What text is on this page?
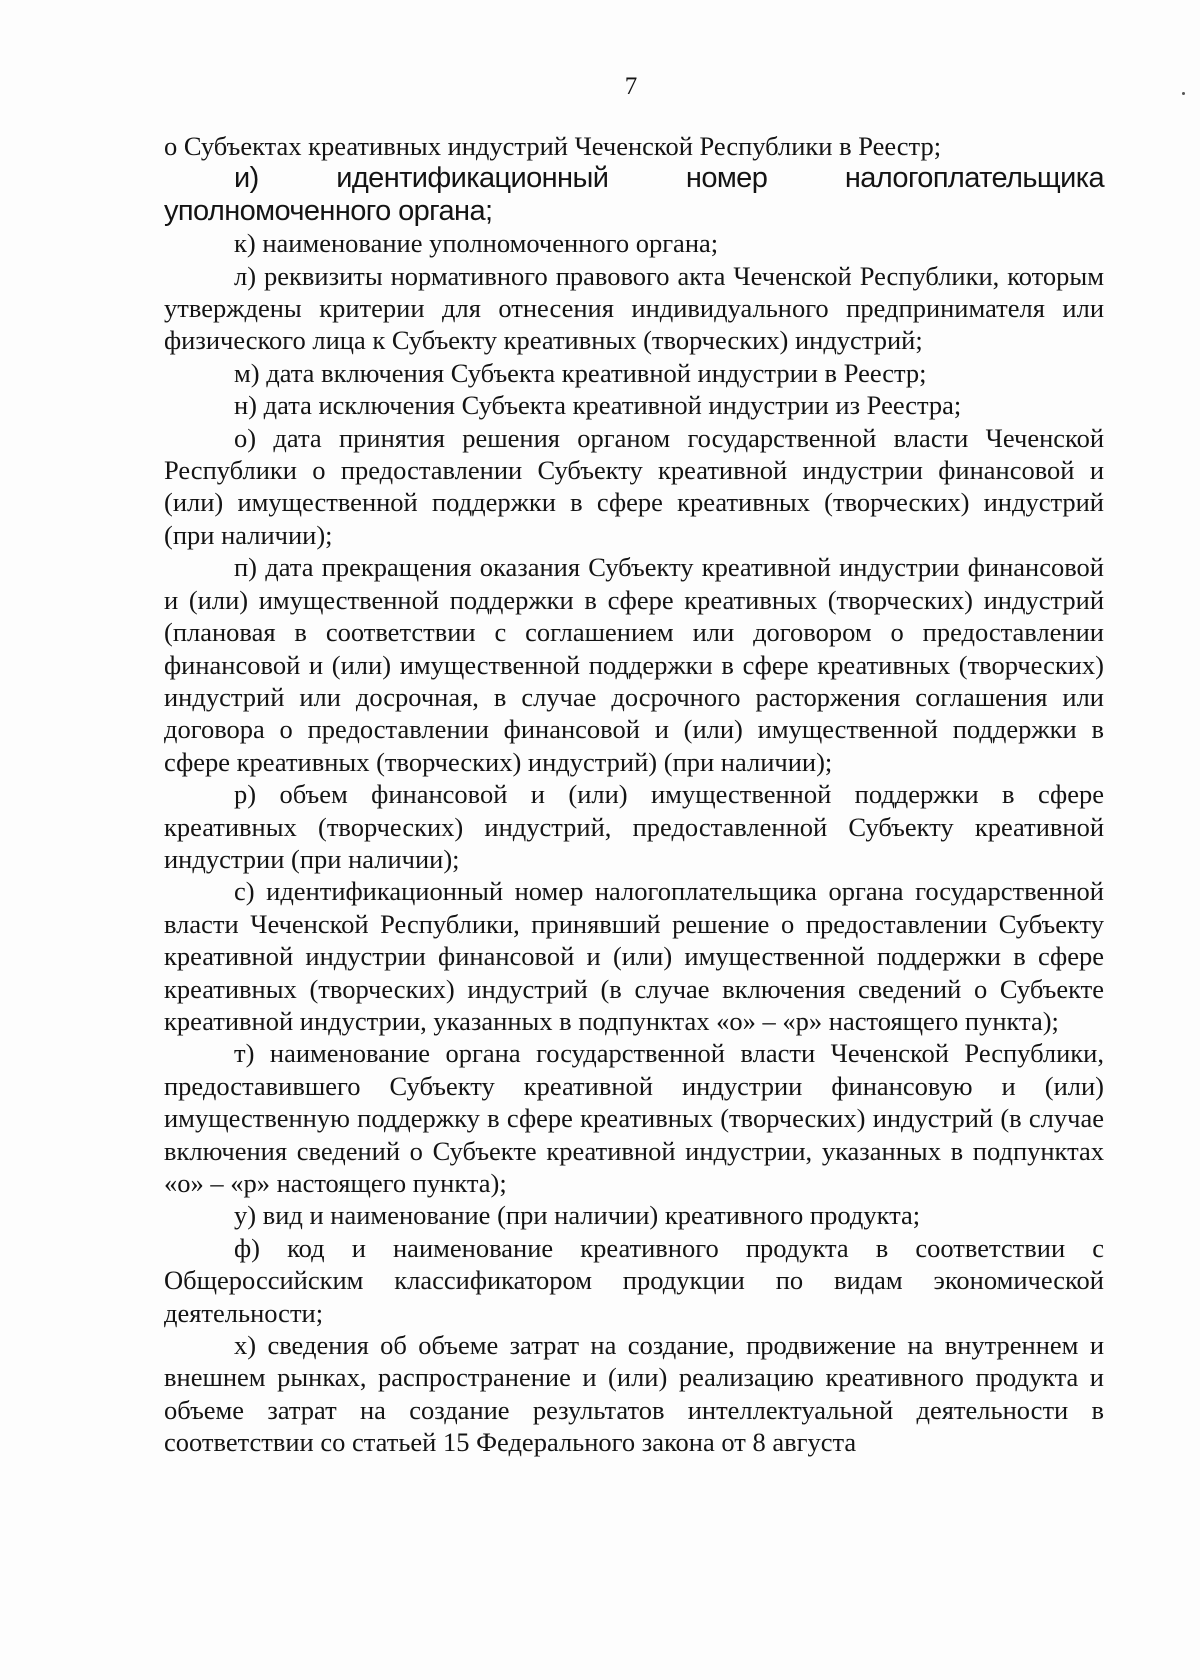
7

о Субъектах креативных индустрий Чеченской Республики в Реестр;

и) идентификационный номер налогоплательщика уполномоченного органа;

к) наименование уполномоченного органа;

л) реквизиты нормативного правового акта Чеченской Республики, которым утверждены критерии для отнесения индивидуального предпринимателя или физического лица к Субъекту креативных (творческих) индустрий;

м) дата включения Субъекта креативной индустрии в Реестр;

н) дата исключения Субъекта креативной индустрии из Реестра;

о) дата принятия решения органом государственной власти Чеченской Республики о предоставлении Субъекту креативной индустрии финансовой и (или) имущественной поддержки в сфере креативных (творческих) индустрий (при наличии);

п) дата прекращения оказания Субъекту креативной индустрии финансовой и (или) имущественной поддержки в сфере креативных (творческих) индустрий (плановая в соответствии с соглашением или договором о предоставлении финансовой и (или) имущественной поддержки в сфере креативных (творческих) индустрий или досрочная, в случае досрочного расторжения соглашения или договора о предоставлении финансовой и (или) имущественной поддержки в сфере креативных (творческих) индустрий) (при наличии);

р) объем финансовой и (или) имущественной поддержки в сфере креативных (творческих) индустрий, предоставленной Субъекту креативной индустрии (при наличии);

с) идентификационный номер налогоплательщика органа государственной власти Чеченской Республики, принявший решение о предоставлении Субъекту креативной индустрии финансовой и (или) имущественной поддержки в сфере креативных (творческих) индустрий (в случае включения сведений о Субъекте креативной индустрии, указанных в подпунктах «о» – «р» настоящего пункта);

т) наименование органа государственной власти Чеченской Республики, предоставившего Субъекту креативной индустрии финансовую и (или) имущественную поддержку в сфере креативных (творческих) индустрий (в случае включения сведений о Субъекте креативной индустрии, указанных в подпунктах «о» – «р» настоящего пункта);

у) вид и наименование (при наличии) креативного продукта;

ф) код и наименование креативного продукта в соответствии с Общероссийским классификатором продукции по видам экономической деятельности;

х) сведения об объеме затрат на создание, продвижение на внутреннем и внешнем рынках, распространение и (или) реализацию креативного продукта и объеме затрат на создание результатов интеллектуальной деятельности в соответствии со статьей 15 Федерального закона от 8 августа
